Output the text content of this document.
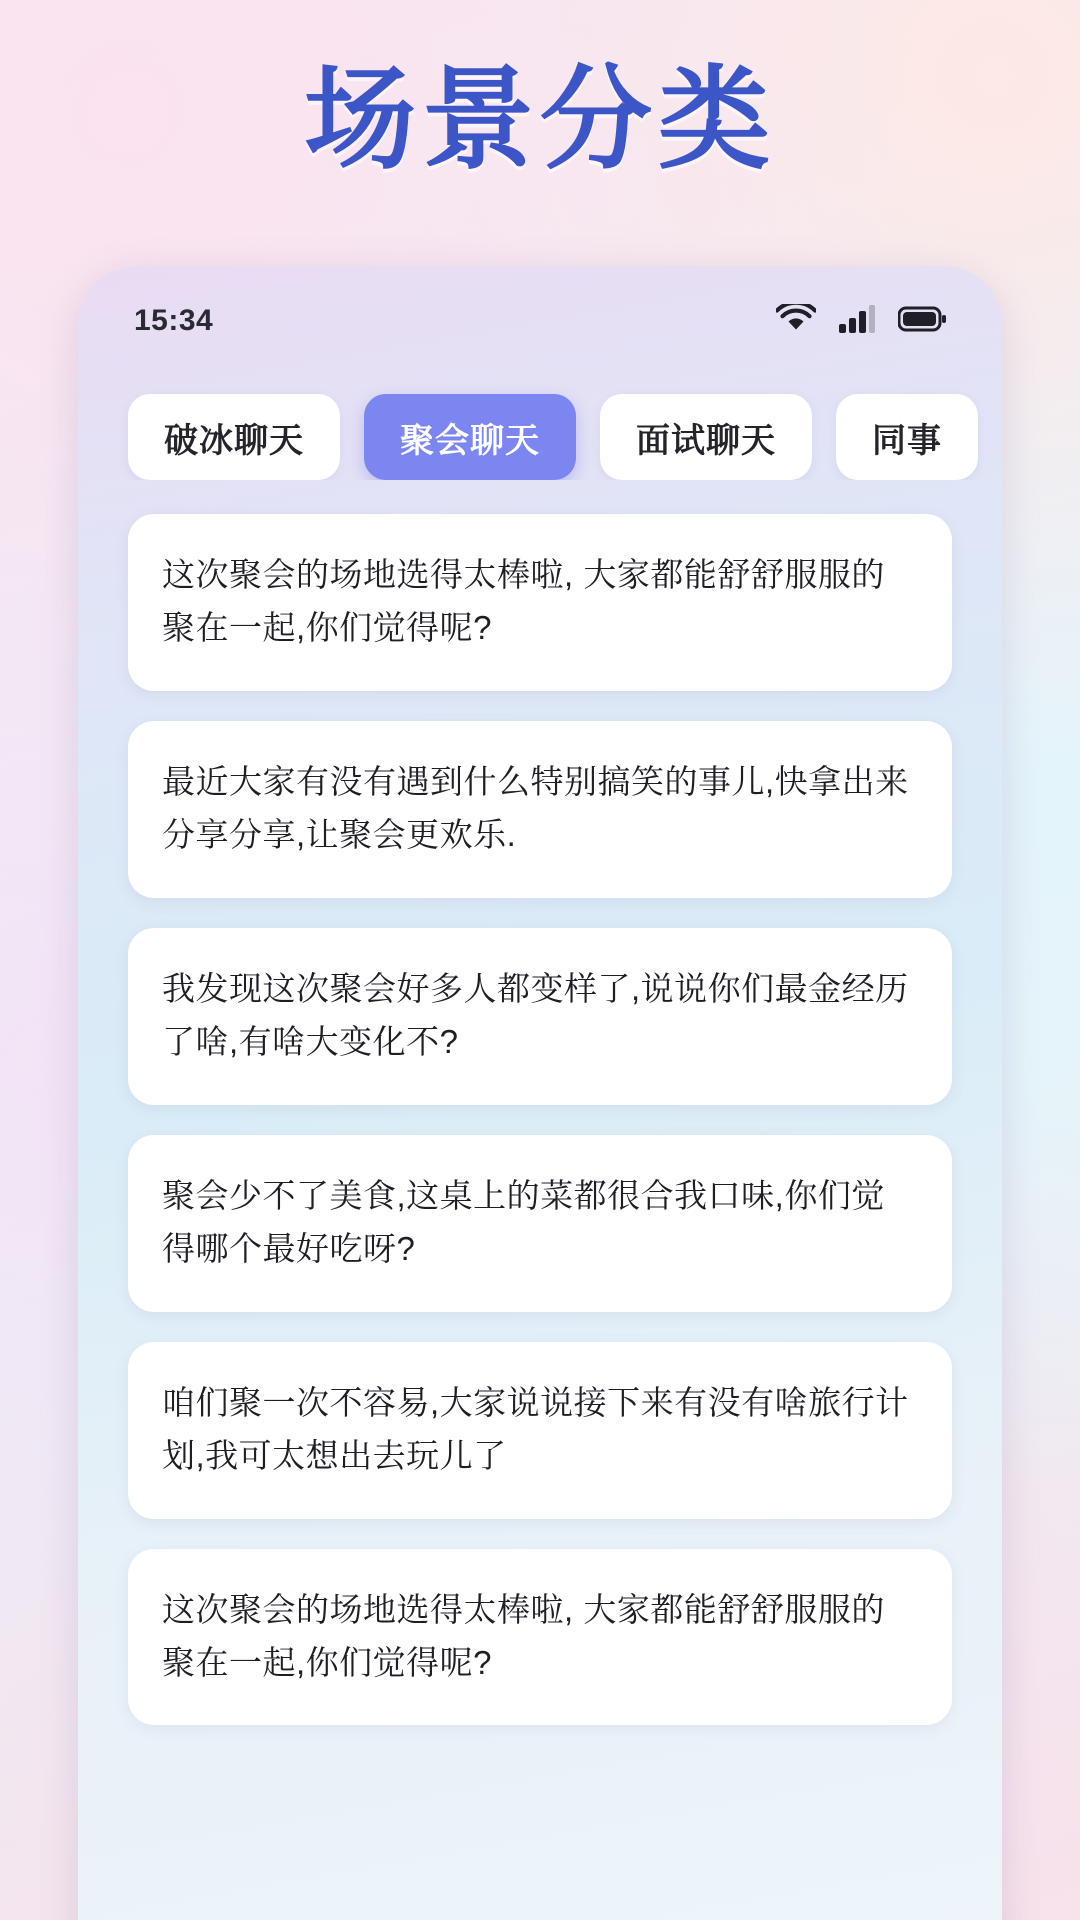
场景分类
15:34
破冰聊天	聚会聊天	面试聊天	同事
这次聚会的场地选得太棒啦, 大家都能舒舒服服的聚在一起,你们觉得呢?
最近大家有没有遇到什么特别搞笑的事儿,快拿出来分享分享,让聚会更欢乐.
我发现这次聚会好多人都变样了,说说你们最金经历了啥,有啥大变化不?
聚会少不了美食,这桌上的菜都很合我口味,你们觉得哪个最好吃呀?
咱们聚一次不容易,大家说说接下来有没有啥旅行计划,我可太想出去玩儿了
这次聚会的场地选得太棒啦, 大家都能舒舒服服的聚在一起,你们觉得呢?
